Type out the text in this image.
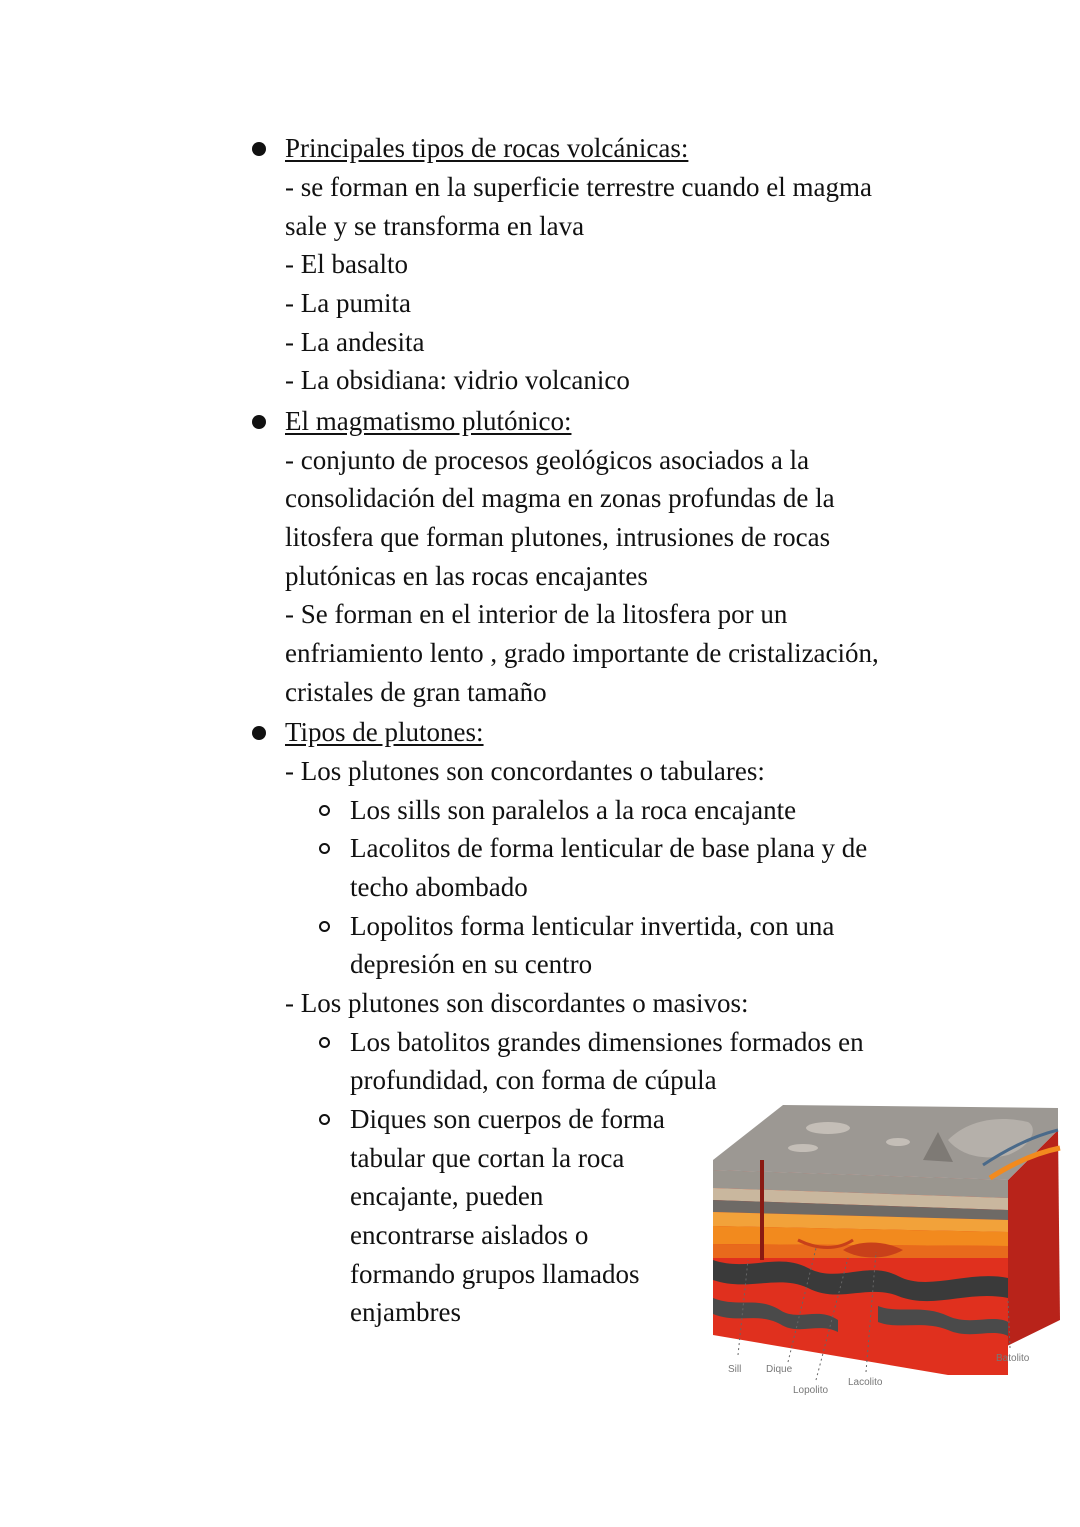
Principales tipos de rocas volcánicas:
- se forman en la superficie terrestre cuando el magma
sale y se transforma en lava
- El basalto
- La pumita
- La andesita
- La obsidiana: vidrio volcanico
El magmatismo plutónico:
- conjunto de procesos geológicos asociados a la
consolidación del magma en zonas profundas de la
litosfera que forman plutones, intrusiones de rocas
plutónicas en las rocas encajantes
- Se forman en el interior de la litosfera por un
enfriamiento lento , grado importante de cristalización,
cristales de gran tamaño
Tipos de plutones:
- Los plutones son concordantes o tabulares:
Los sills son paralelos a la roca encajante
Lacolitos de forma lenticular de base plana y de
techo abombado
Lopolitos forma lenticular invertida, con una
depresión en su centro
- Los plutones son discordantes o masivos:
Los batolitos grandes dimensiones formados en
profundidad, con forma de cúpula
Diques son cuerpos de forma
tabular que cortan la roca
encajante, pueden
encontrarse aislados o
formando grupos llamados
enjambres
Sill Dique
Lopolito
Lacolito
Batolito
